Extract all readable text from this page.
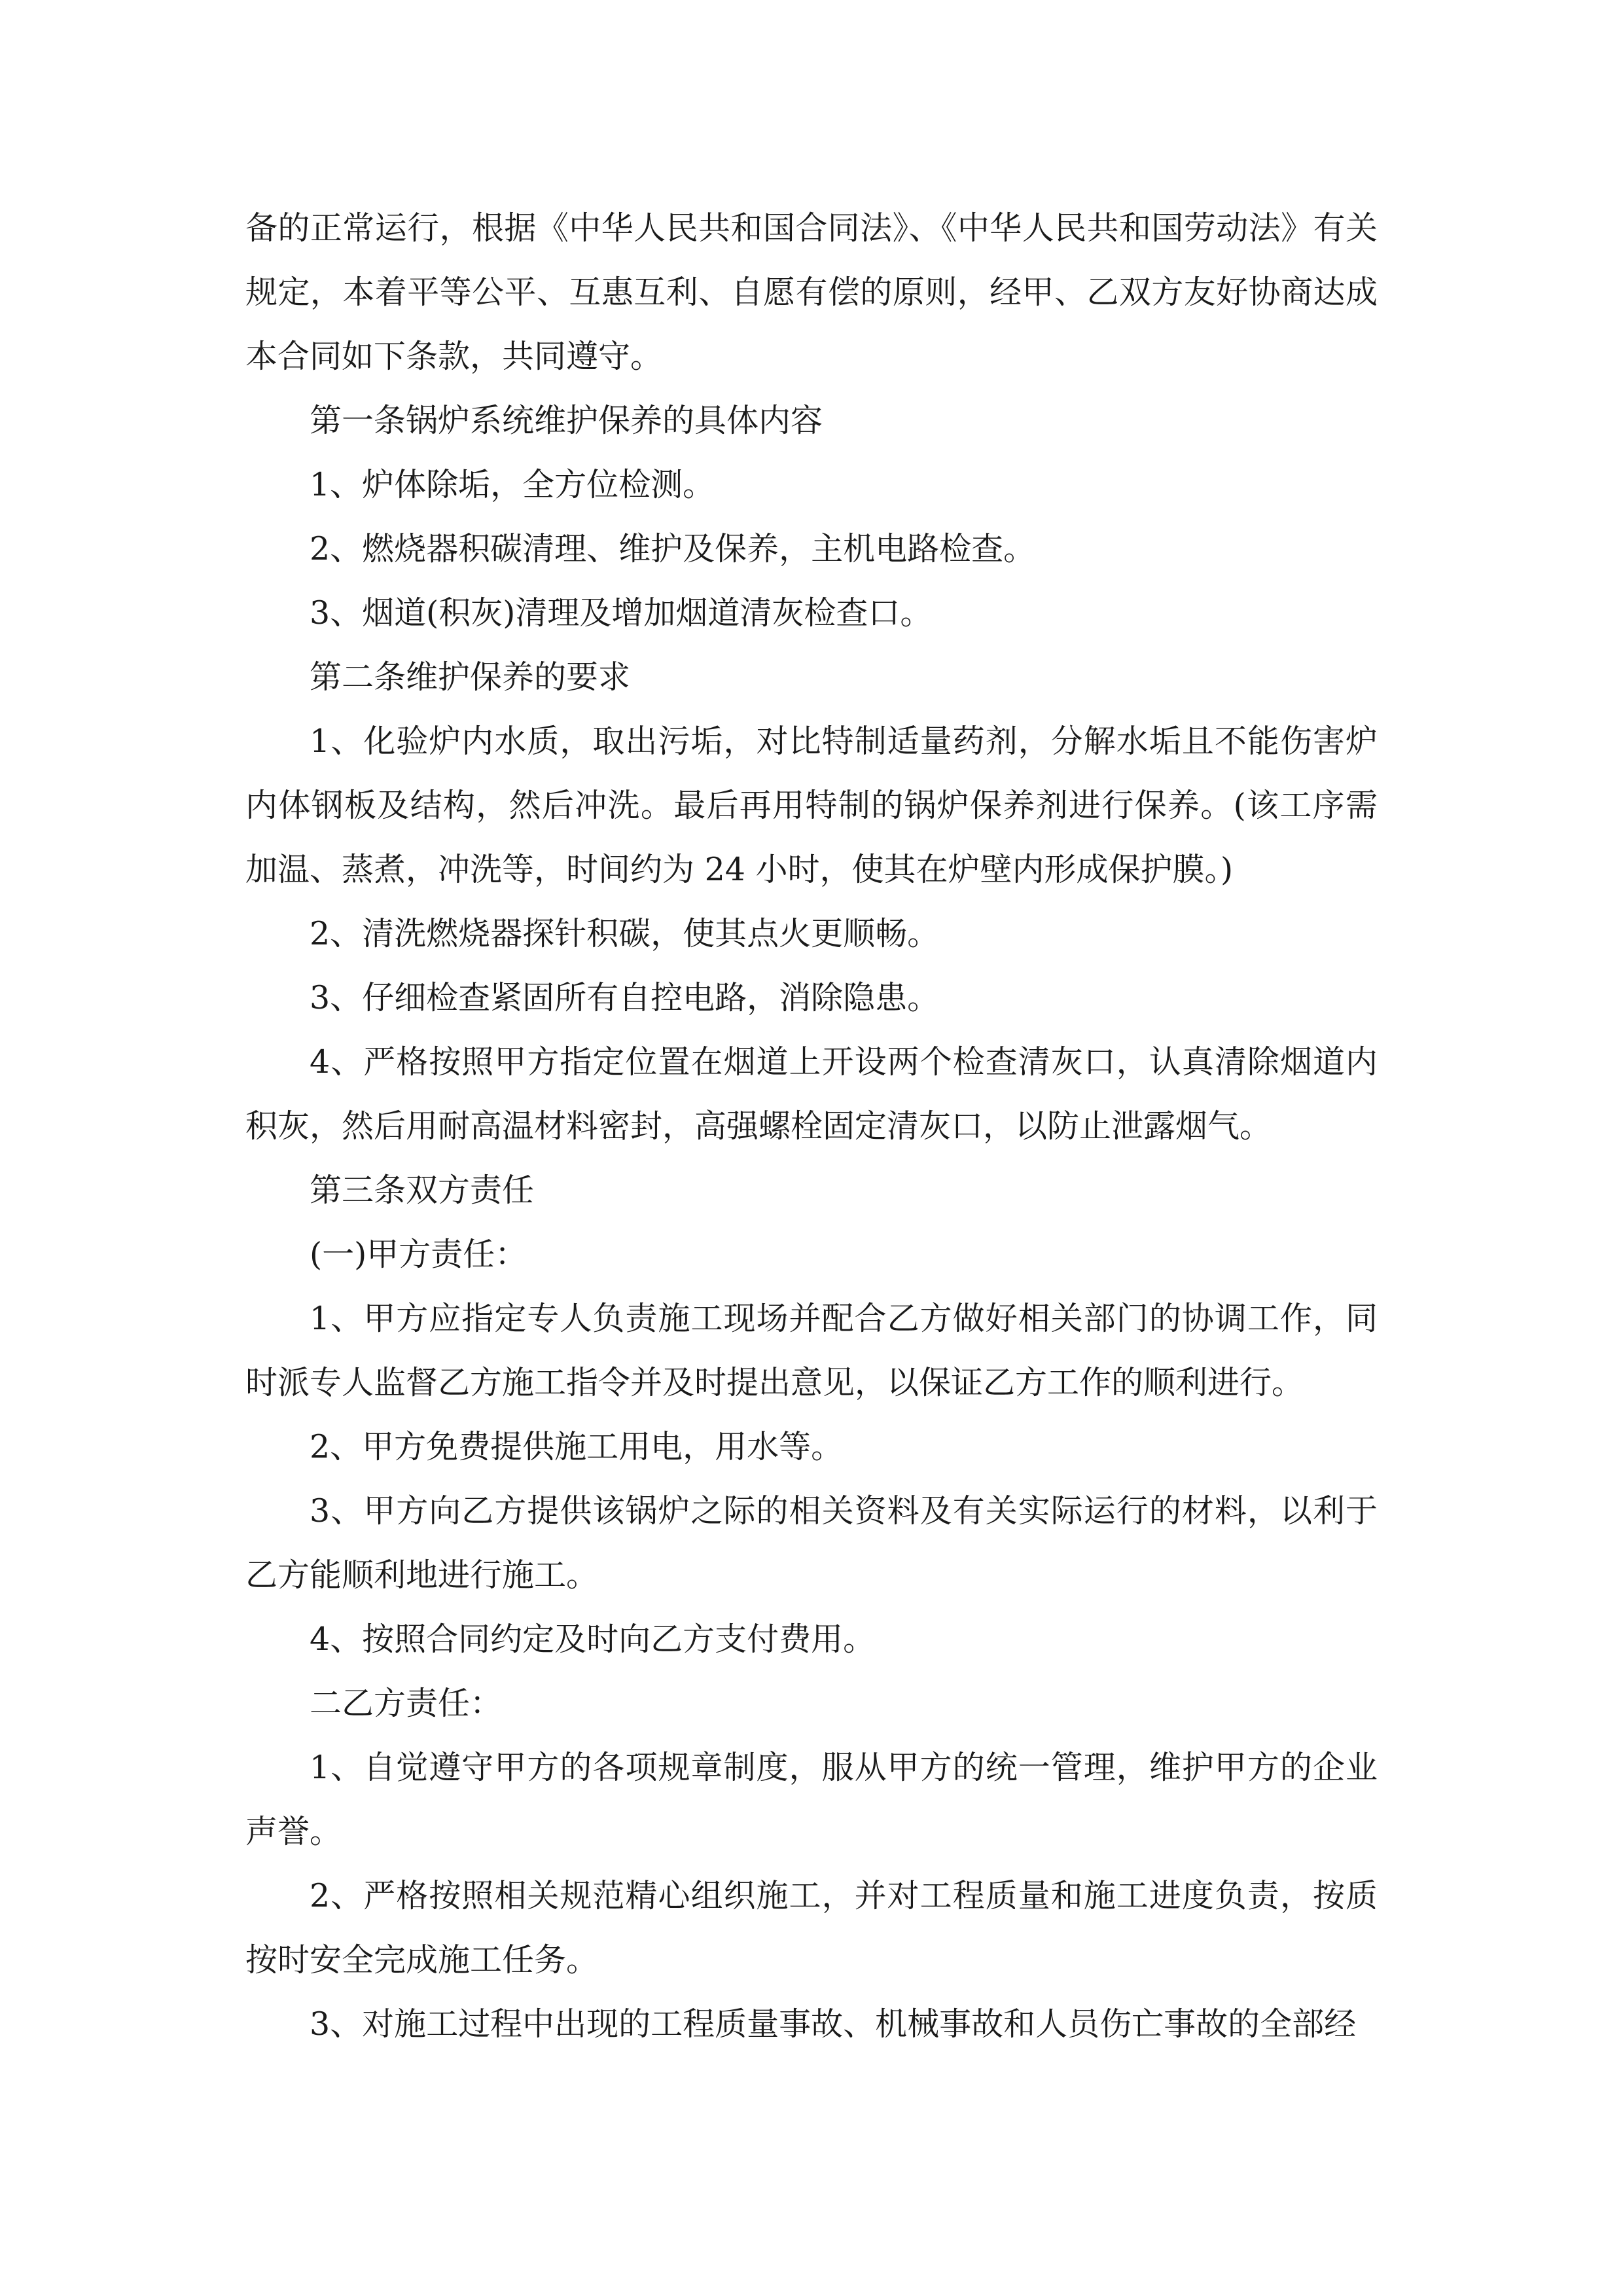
备的正常运行，根据《中华人民共和国合同法》、《中华人民共和国劳动法》有关规定，本着平等公平、互惠互利、自愿有偿的原则，经甲、乙双方友好协商达成本合同如下条款，共同遵守。

第一条锅炉系统维护保养的具体内容

1、炉体除垢，全方位检测。

2、燃烧器积碳清理、维护及保养，主机电路检查。

3、烟道(积灰)清理及增加烟道清灰检查口。

第二条维护保养的要求

1、化验炉内水质，取出污垢，对比特制适量药剂，分解水垢且不能伤害炉内体钢板及结构，然后冲洗。最后再用特制的锅炉保养剂进行保养。(该工序需加温、蒸煮，冲洗等，时间约为 24 小时，使其在炉壁内形成保护膜。)

2、清洗燃烧器探针积碳，使其点火更顺畅。

3、仔细检查紧固所有自控电路，消除隐患。

4、严格按照甲方指定位置在烟道上开设两个检查清灰口，认真清除烟道内积灰，然后用耐高温材料密封，高强螺栓固定清灰口，以防止泄露烟气。

第三条双方责任

(一)甲方责任：

1、甲方应指定专人负责施工现场并配合乙方做好相关部门的协调工作，同时派专人监督乙方施工指令并及时提出意见，以保证乙方工作的顺利进行。

2、甲方免费提供施工用电，用水等。

3、甲方向乙方提供该锅炉之际的相关资料及有关实际运行的材料，以利于乙方能顺利地进行施工。

4、按照合同约定及时向乙方支付费用。

二乙方责任：

1、自觉遵守甲方的各项规章制度，服从甲方的统一管理，维护甲方的企业声誉。

2、严格按照相关规范精心组织施工，并对工程质量和施工进度负责，按质按时安全完成施工任务。

3、对施工过程中出现的工程质量事故、机械事故和人员伤亡事故的全部经
